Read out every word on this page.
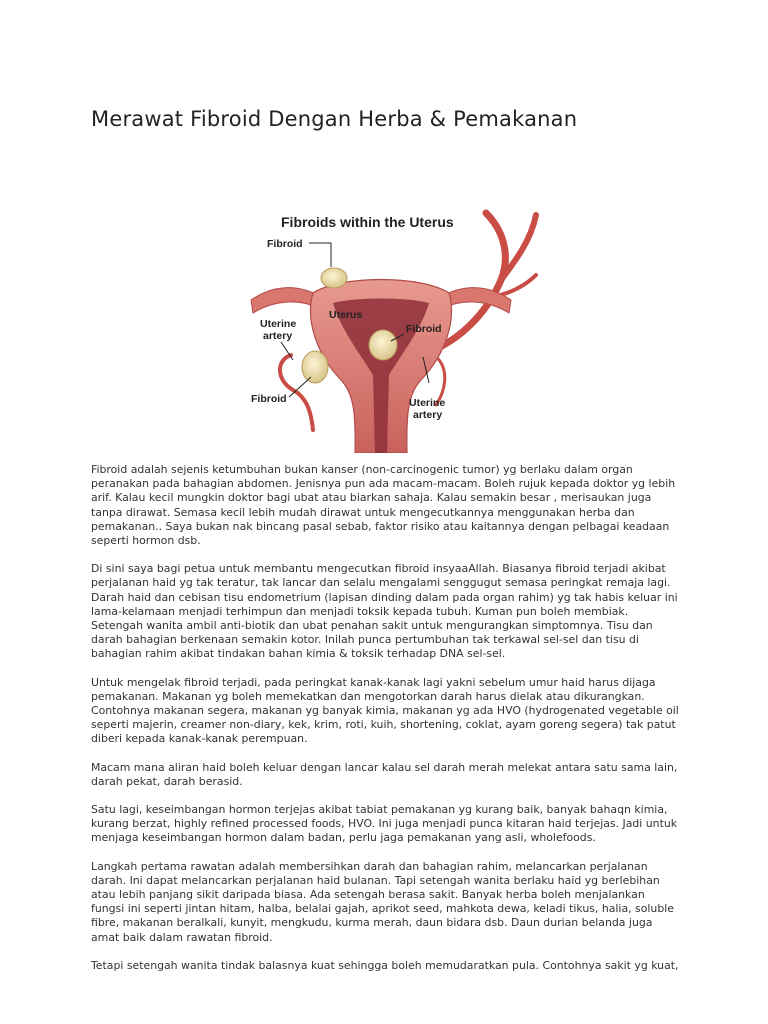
Merawat Fibroid Dengan Herba & Pemakanan
Fibroids within the Uterus
Fibroid
Uterus
Uterine
artery
Fibroid
Fibroid	Uterine
artery

Fibroid adalah sejenis ketumbuhan bukan kanser (non-carcinogenic tumor) yg berlaku dalam organ peranakan pada bahagian abdomen. Jenisnya pun ada macam-macam. Boleh rujuk kepada doktor yg lebih arif. Kalau kecil mungkin doktor bagi ubat atau biarkan sahaja. Kalau semakin besar , merisaukan juga tanpa dirawat. Semasa kecil lebih mudah dirawat untuk mengecutkannya menggunakan herba dan pemakanan.. Saya bukan nak bincang pasal sebab, faktor risiko atau kaitannya dengan pelbagai keadaan seperti hormon dsb.

Di sini saya bagi petua untuk membantu mengecutkan fibroid insyaaAllah. Biasanya fibroid terjadi akibat perjalanan haid yg tak teratur, tak lancar dan selalu mengalami senggugut semasa peringkat remaja lagi. Darah haid dan cebisan tisu endometrium (lapisan dinding dalam pada organ rahim) yg tak habis keluar ini lama-kelamaan menjadi terhimpun dan menjadi toksik kepada tubuh. Kuman pun boleh membiak. Setengah wanita ambil anti-biotik dan ubat penahan sakit untuk mengurangkan simptomnya. Tisu dan darah bahagian berkenaan semakin kotor. Inilah punca pertumbuhan tak terkawal sel-sel dan tisu di bahagian rahim akibat tindakan bahan kimia & toksik terhadap DNA sel-sel.

Untuk mengelak fibroid terjadi, pada peringkat kanak-kanak lagi yakni sebelum umur haid harus dijaga pemakanan. Makanan yg boleh memekatkan dan mengotorkan darah harus dielak atau dikurangkan. Contohnya makanan segera, makanan yg banyak kimia, makanan yg ada HVO (hydrogenated vegetable oil seperti majerin, creamer non-diary, kek, krim, roti, kuih, shortening, coklat, ayam goreng segera) tak patut diberi kepada kanak-kanak perempuan.

Macam mana aliran haid boleh keluar dengan lancar kalau sel darah merah melekat antara satu sama lain, darah pekat, darah berasid.

Satu lagi, keseimbangan hormon terjejas akibat tabiat pemakanan yg kurang baik, banyak bahaqn kimia, kurang berzat, highly refined processed foods, HVO. Ini juga menjadi punca kitaran haid terjejas. Jadi untuk menjaga keseimbangan hormon dalam badan, perlu jaga pemakanan yang asli, wholefoods.

Langkah pertama rawatan adalah membersihkan darah dan bahagian rahim, melancarkan perjalanan darah. Ini dapat melancarkan perjalanan haid bulanan. Tapi setengah wanita berlaku haid yg berlebihan atau lebih panjang sikit daripada biasa. Ada setengah berasa sakit. Banyak herba boleh menjalankan fungsi ini seperti jintan hitam, halba, belalai gajah, aprikot seed, mahkota dewa, keladi tikus, halia, soluble fibre, makanan beralkali, kunyit, mengkudu, kurma merah, daun bidara dsb. Daun durian belanda juga amat baik dalam rawatan fibroid.

Tetapi setengah wanita tindak balasnya kuat sehingga boleh memudaratkan pula. Contohnya sakit yg kuat,
